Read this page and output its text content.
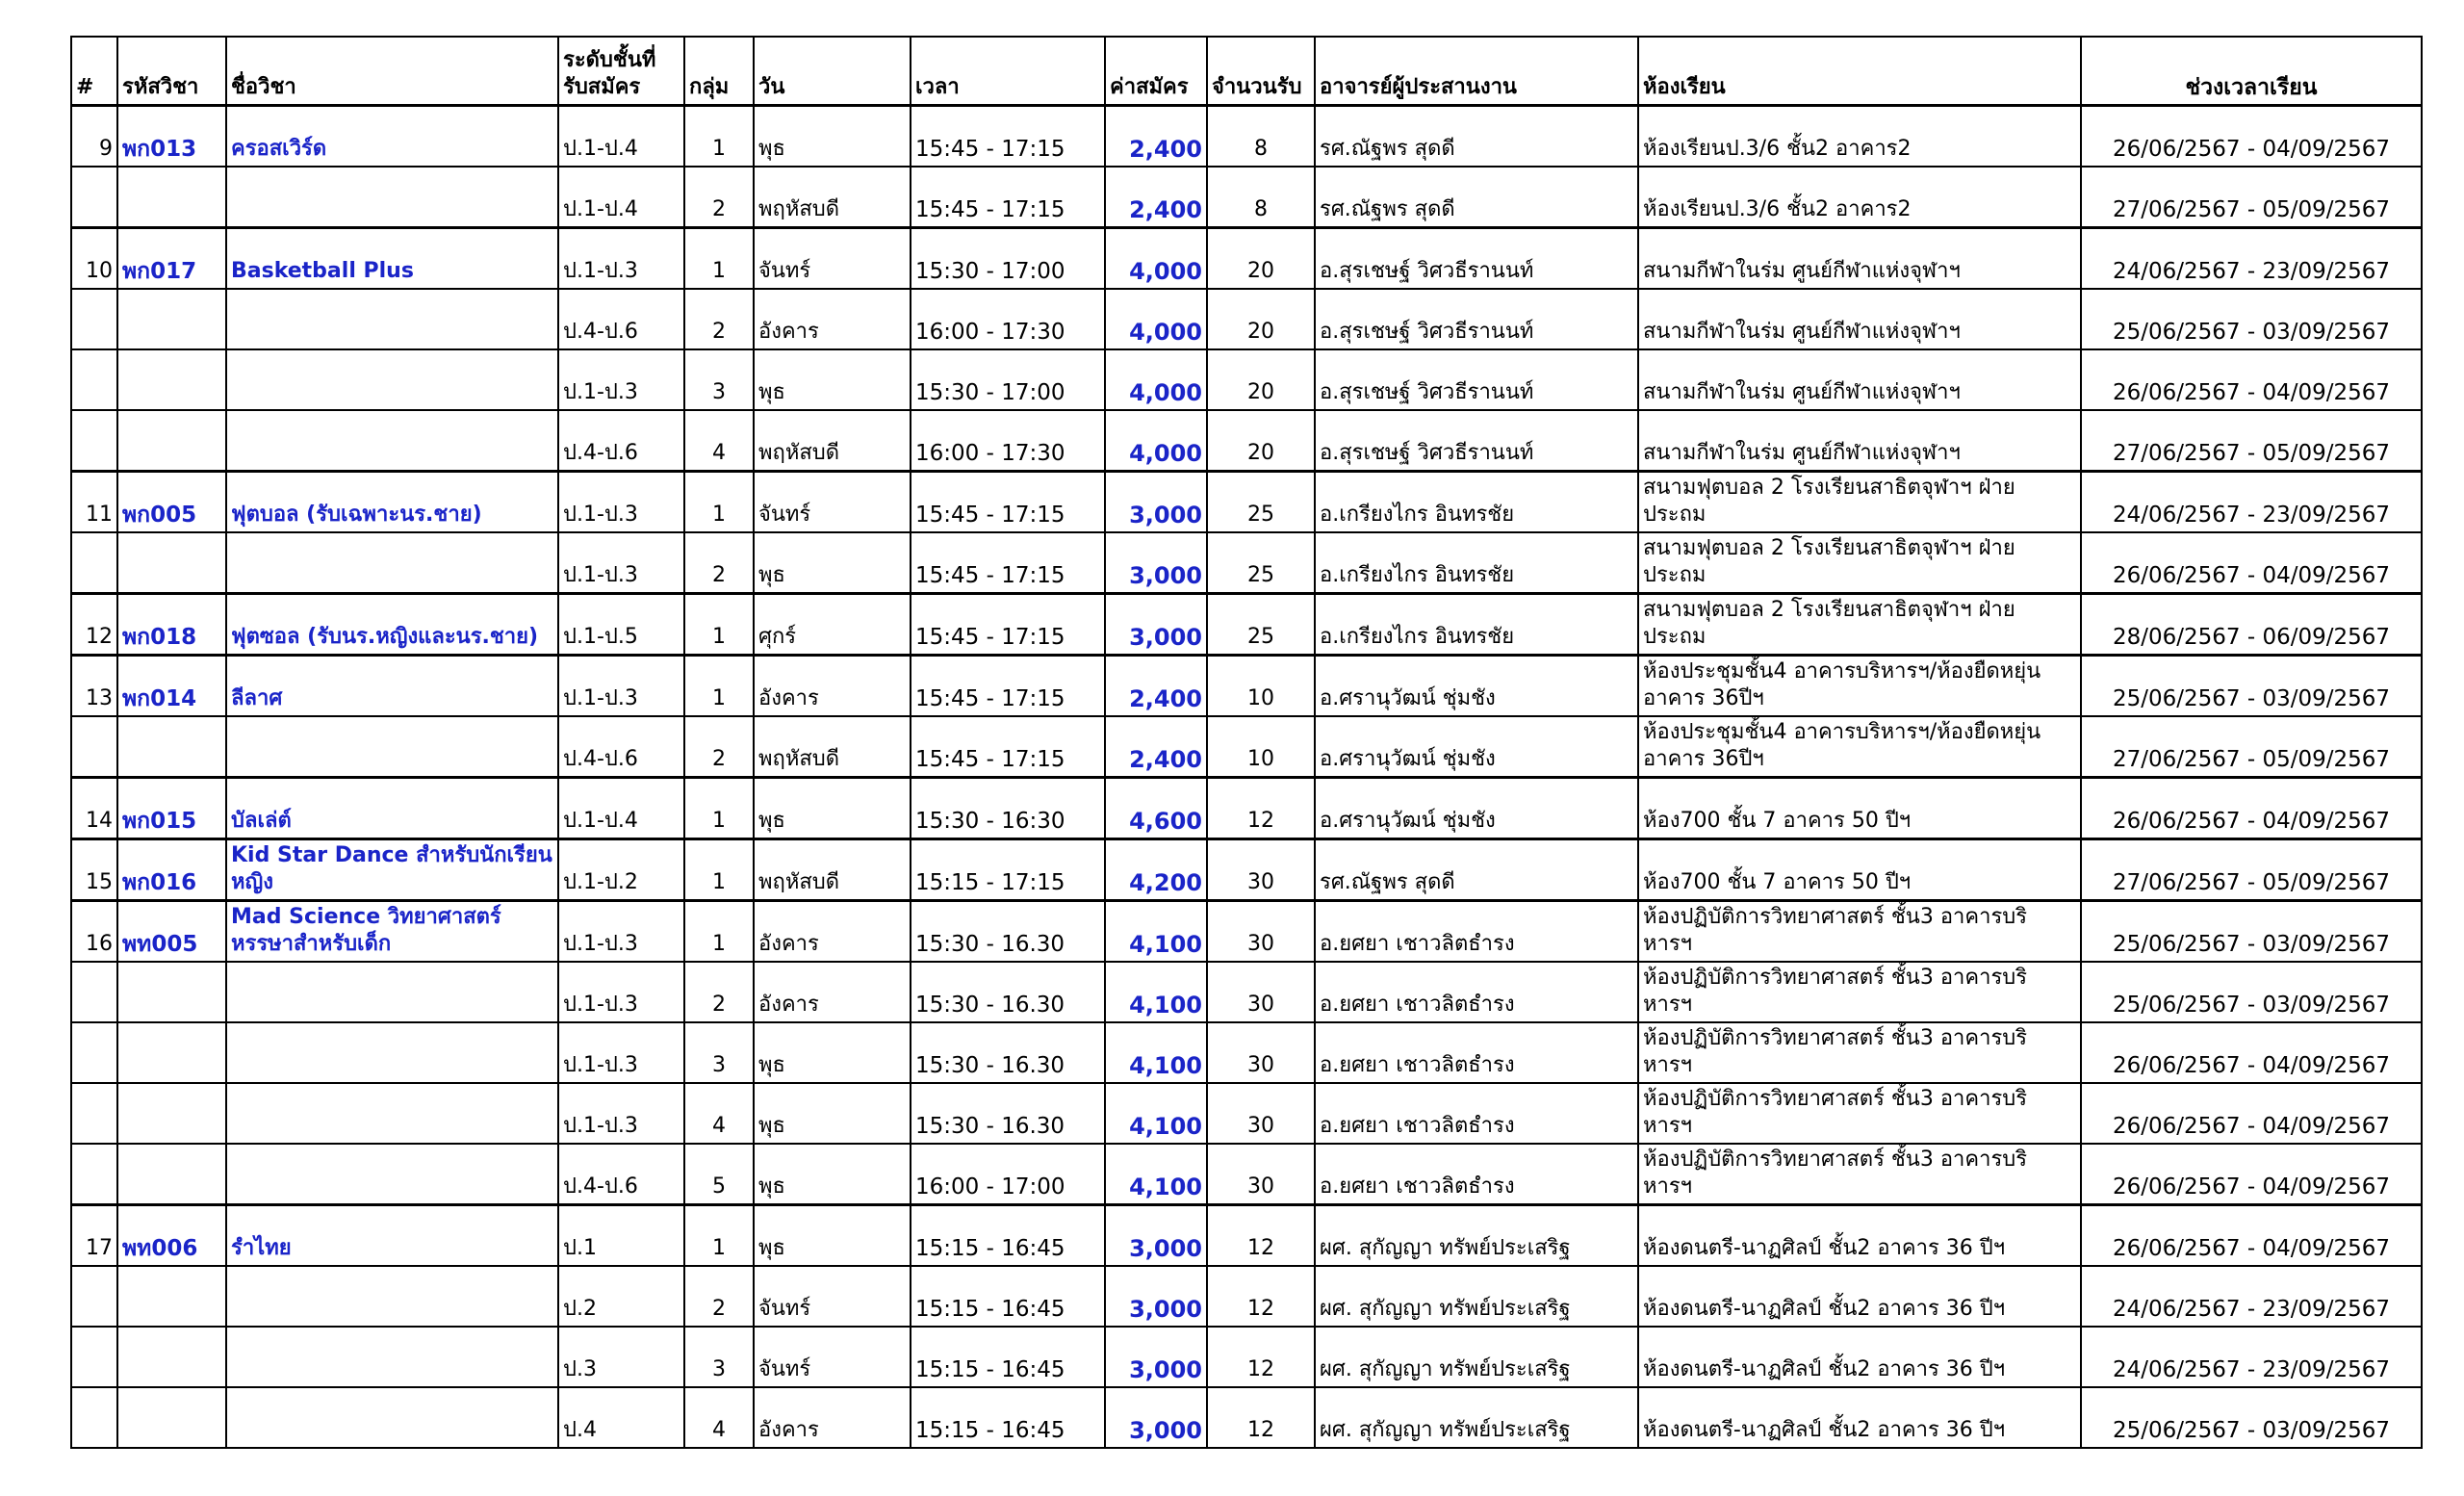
#	รหัสวิชา	ชื่อวิชา	ระดับชั้นที่ รับสมัคร	กลุ่ม	วัน	เวลา	ค่าสมัคร	จำนวนรับ	อาจารย์ผู้ประสานงาน	ห้องเรียน	ช่วงเวลาเรียน
9	พก013	ครอสเวิร์ด	ป.1-ป.4	1	พุธ	15:45 - 17:15	2,400	8	รศ.ณัฐพร สุดดี	ห้องเรียนป.3/6 ชั้น2 อาคาร2	26/06/2567 - 04/09/2567
			ป.1-ป.4	2	พฤหัสบดี	15:45 - 17:15	2,400	8	รศ.ณัฐพร สุดดี	ห้องเรียนป.3/6 ชั้น2 อาคาร2	27/06/2567 - 05/09/2567
10	พก017	Basketball Plus	ป.1-ป.3	1	จันทร์	15:30 - 17:00	4,000	20	อ.สุรเชษฐ์ วิศวธีรานนท์	สนามกีฬาในร่ม ศูนย์กีฬาแห่งจุฬาฯ	24/06/2567 - 23/09/2567
			ป.4-ป.6	2	อังคาร	16:00 - 17:30	4,000	20	อ.สุรเชษฐ์ วิศวธีรานนท์	สนามกีฬาในร่ม ศูนย์กีฬาแห่งจุฬาฯ	25/06/2567 - 03/09/2567
			ป.1-ป.3	3	พุธ	15:30 - 17:00	4,000	20	อ.สุรเชษฐ์ วิศวธีรานนท์	สนามกีฬาในร่ม ศูนย์กีฬาแห่งจุฬาฯ	26/06/2567 - 04/09/2567
			ป.4-ป.6	4	พฤหัสบดี	16:00 - 17:30	4,000	20	อ.สุรเชษฐ์ วิศวธีรานนท์	สนามกีฬาในร่ม ศูนย์กีฬาแห่งจุฬาฯ	27/06/2567 - 05/09/2567
11	พก005	ฟุตบอล (รับเฉพาะนร.ชาย)	ป.1-ป.3	1	จันทร์	15:45 - 17:15	3,000	25	อ.เกรียงไกร อินทรชัย	สนามฟุตบอล 2 โรงเรียนสาธิตจุฬาฯ ฝ่ายประถม	24/06/2567 - 23/09/2567
			ป.1-ป.3	2	พุธ	15:45 - 17:15	3,000	25	อ.เกรียงไกร อินทรชัย	สนามฟุตบอล 2 โรงเรียนสาธิตจุฬาฯ ฝ่ายประถม	26/06/2567 - 04/09/2567
12	พก018	ฟุตซอล (รับนร.หญิงและนร.ชาย)	ป.1-ป.5	1	ศุกร์	15:45 - 17:15	3,000	25	อ.เกรียงไกร อินทรชัย	สนามฟุตบอล 2 โรงเรียนสาธิตจุฬาฯ ฝ่ายประถม	28/06/2567 - 06/09/2567
13	พก014	ลีลาศ	ป.1-ป.3	1	อังคาร	15:45 - 17:15	2,400	10	อ.ศรานุวัฒน์ ชุ่มชัง	ห้องประชุมชั้น4 อาคารบริหารฯ/ห้องยืดหยุ่น อาคาร 36ปีฯ	25/06/2567 - 03/09/2567
			ป.4-ป.6	2	พฤหัสบดี	15:45 - 17:15	2,400	10	อ.ศรานุวัฒน์ ชุ่มชัง	ห้องประชุมชั้น4 อาคารบริหารฯ/ห้องยืดหยุ่น อาคาร 36ปีฯ	27/06/2567 - 05/09/2567
14	พก015	บัลเล่ต์	ป.1-ป.4	1	พุธ	15:30 - 16:30	4,600	12	อ.ศรานุวัฒน์ ชุ่มชัง	ห้อง700 ชั้น 7 อาคาร 50 ปีฯ	26/06/2567 - 04/09/2567
15	พก016	Kid Star Dance สำหรับนักเรียนหญิง	ป.1-ป.2	1	พฤหัสบดี	15:15 - 17:15	4,200	30	รศ.ณัฐพร สุดดี	ห้อง700 ชั้น 7 อาคาร 50 ปีฯ	27/06/2567 - 05/09/2567
16	พท005	Mad Science วิทยาศาสตร์หรรษาสำหรับเด็ก	ป.1-ป.3	1	อังคาร	15:30 - 16.30	4,100	30	อ.ยศยา เชาวลิตธำรง	ห้องปฏิบัติการวิทยาศาสตร์ ชั้น3 อาคารบริหารฯ	25/06/2567 - 03/09/2567
			ป.1-ป.3	2	อังคาร	15:30 - 16.30	4,100	30	อ.ยศยา เชาวลิตธำรง	ห้องปฏิบัติการวิทยาศาสตร์ ชั้น3 อาคารบริหารฯ	25/06/2567 - 03/09/2567
			ป.1-ป.3	3	พุธ	15:30 - 16.30	4,100	30	อ.ยศยา เชาวลิตธำรง	ห้องปฏิบัติการวิทยาศาสตร์ ชั้น3 อาคารบริหารฯ	26/06/2567 - 04/09/2567
			ป.1-ป.3	4	พุธ	15:30 - 16.30	4,100	30	อ.ยศยา เชาวลิตธำรง	ห้องปฏิบัติการวิทยาศาสตร์ ชั้น3 อาคารบริหารฯ	26/06/2567 - 04/09/2567
			ป.4-ป.6	5	พุธ	16:00 - 17:00	4,100	30	อ.ยศยา เชาวลิตธำรง	ห้องปฏิบัติการวิทยาศาสตร์ ชั้น3 อาคารบริหารฯ	26/06/2567 - 04/09/2567
17	พท006	รำไทย	ป.1	1	พุธ	15:15 - 16:45	3,000	12	ผศ. สุกัญญา ทรัพย์ประเสริฐ	ห้องดนตรี-นาฏศิลป์ ชั้น2 อาคาร 36 ปีฯ	26/06/2567 - 04/09/2567
			ป.2	2	จันทร์	15:15 - 16:45	3,000	12	ผศ. สุกัญญา ทรัพย์ประเสริฐ	ห้องดนตรี-นาฏศิลป์ ชั้น2 อาคาร 36 ปีฯ	24/06/2567 - 23/09/2567
			ป.3	3	จันทร์	15:15 - 16:45	3,000	12	ผศ. สุกัญญา ทรัพย์ประเสริฐ	ห้องดนตรี-นาฏศิลป์ ชั้น2 อาคาร 36 ปีฯ	24/06/2567 - 23/09/2567
			ป.4	4	อังคาร	15:15 - 16:45	3,000	12	ผศ. สุกัญญา ทรัพย์ประเสริฐ	ห้องดนตรี-นาฏศิลป์ ชั้น2 อาคาร 36 ปีฯ	25/06/2567 - 03/09/2567
